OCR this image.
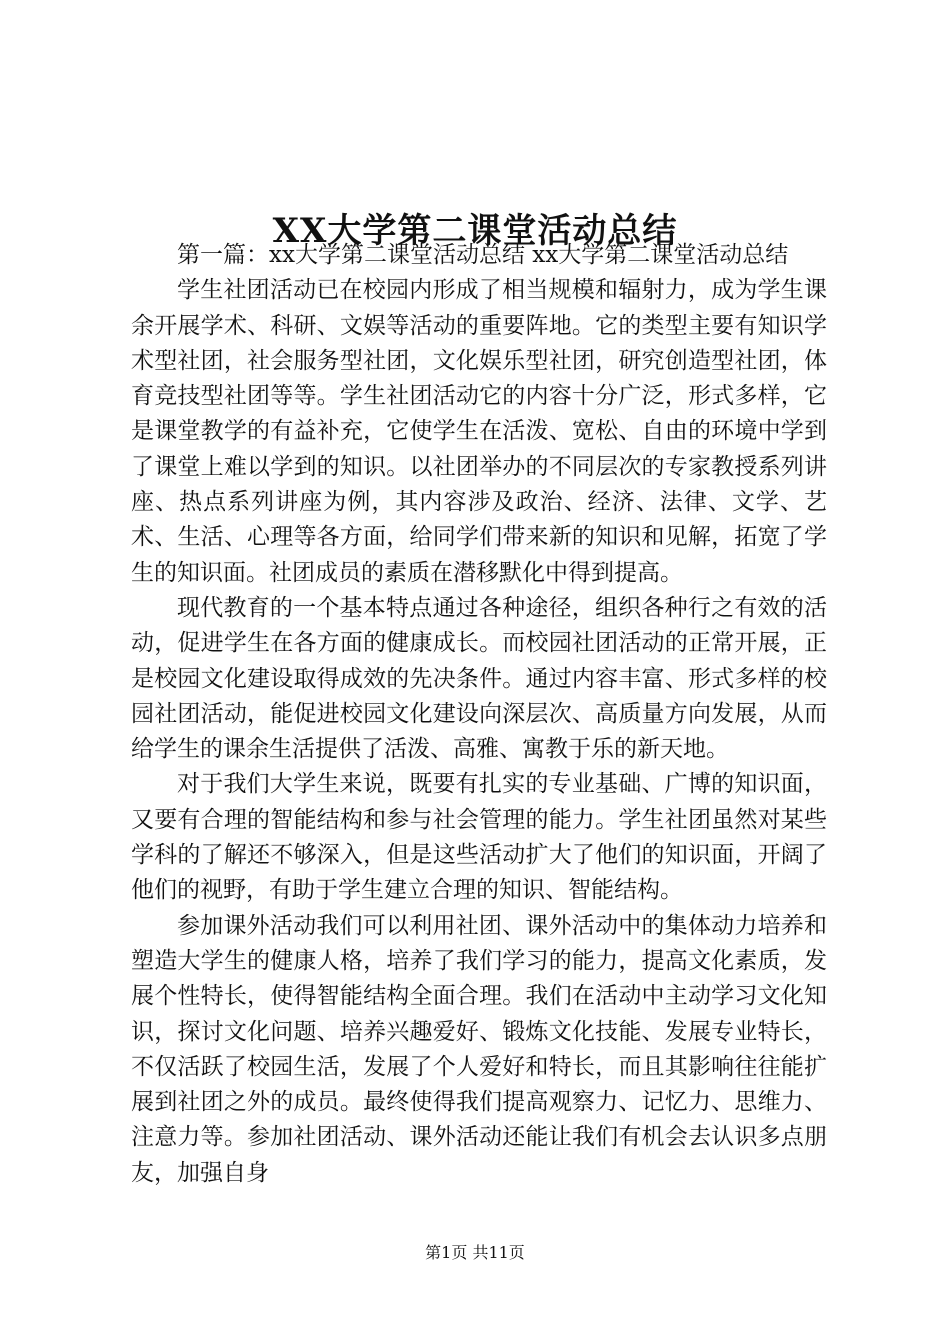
XX大学第二课堂活动总结

第一篇：xx大学第二课堂活动总结 xx大学第二课堂活动总结

学生社团活动已在校园内形成了相当规模和辐射力，成为学生课余开展学术、科研、文娱等活动的重要阵地。它的类型主要有知识学术型社团，社会服务型社团，文化娱乐型社团，研究创造型社团，体育竞技型社团等等。学生社团活动它的内容十分广泛，形式多样，它是课堂教学的有益补充，它使学生在活泼、宽松、自由的环境中学到了课堂上难以学到的知识。以社团举办的不同层次的专家教授系列讲座、热点系列讲座为例，其内容涉及政治、经济、法律、文学、艺术、生活、心理等各方面，给同学们带来新的知识和见解，拓宽了学生的知识面。社团成员的素质在潜移默化中得到提高。

现代教育的一个基本特点通过各种途径，组织各种行之有效的活动，促进学生在各方面的健康成长。而校园社团活动的正常开展，正是校园文化建设取得成效的先决条件。通过内容丰富、形式多样的校园社团活动，能促进校园文化建设向深层次、高质量方向发展，从而给学生的课余生活提供了活泼、高雅、寓教于乐的新天地。

对于我们大学生来说，既要有扎实的专业基础、广博的知识面，又要有合理的智能结构和参与社会管理的能力。学生社团虽然对某些学科的了解还不够深入，但是这些活动扩大了他们的知识面，开阔了他们的视野，有助于学生建立合理的知识、智能结构。

参加课外活动我们可以利用社团、课外活动中的集体动力培养和塑造大学生的健康人格，培养了我们学习的能力，提高文化素质，发展个性特长，使得智能结构全面合理。我们在活动中主动学习文化知识，探讨文化问题、培养兴趣爱好、锻炼文化技能、发展专业特长，不仅活跃了校园生活，发展了个人爱好和特长，而且其影响往往能扩展到社团之外的成员。最终使得我们提高观察力、记忆力、思维力、注意力等。参加社团活动、课外活动还能让我们有机会去认识多点朋友，加强自身

第1页 共11页
